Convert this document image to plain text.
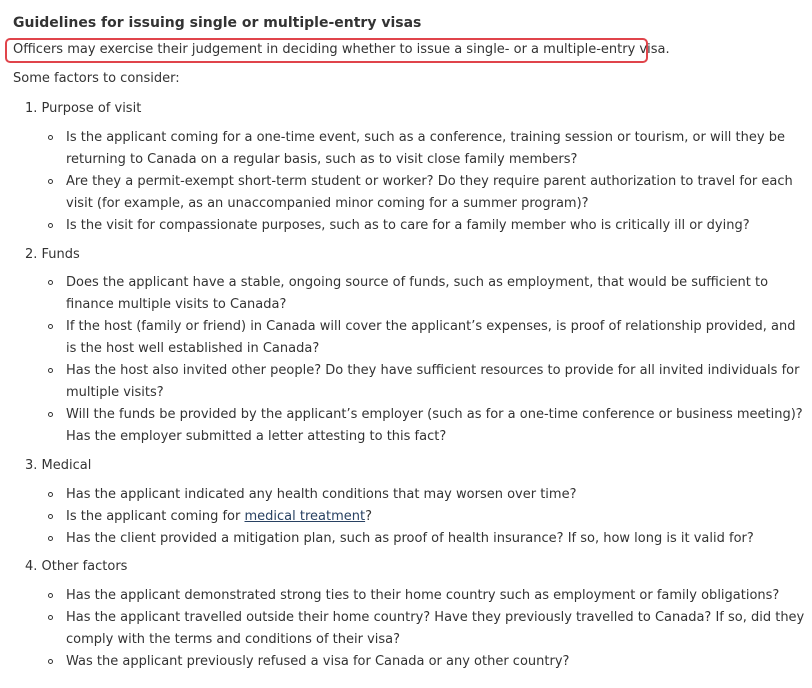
Guidelines for issuing single or multiple-entry visas
Officers may exercise their judgement in deciding whether to issue a single- or a multiple-entry visa.
Some factors to consider:
1. Purpose of visit
Is the applicant coming for a one-time event, such as a conference, training session or tourism, or will they be
returning to Canada on a regular basis, such as to visit close family members?
Are they a permit-exempt short-term student or worker? Do they require parent authorization to travel for each
visit (for example, as an unaccompanied minor coming for a summer program)?
Is the visit for compassionate purposes, such as to care for a family member who is critically ill or dying?
2. Funds
Does the applicant have a stable, ongoing source of funds, such as employment, that would be sufficient to
finance multiple visits to Canada?
If the host (family or friend) in Canada will cover the applicant’s expenses, is proof of relationship provided, and
is the host well established in Canada?
Has the host also invited other people? Do they have sufficient resources to provide for all invited individuals for
multiple visits?
Will the funds be provided by the applicant’s employer (such as for a one-time conference or business meeting)?
Has the employer submitted a letter attesting to this fact?
3. Medical
Has the applicant indicated any health conditions that may worsen over time?
Is the applicant coming for medical treatment?
Has the client provided a mitigation plan, such as proof of health insurance? If so, how long is it valid for?
4. Other factors
Has the applicant demonstrated strong ties to their home country such as employment or family obligations?
Has the applicant travelled outside their home country? Have they previously travelled to Canada? If so, did they
comply with the terms and conditions of their visa?
Was the applicant previously refused a visa for Canada or any other country?
